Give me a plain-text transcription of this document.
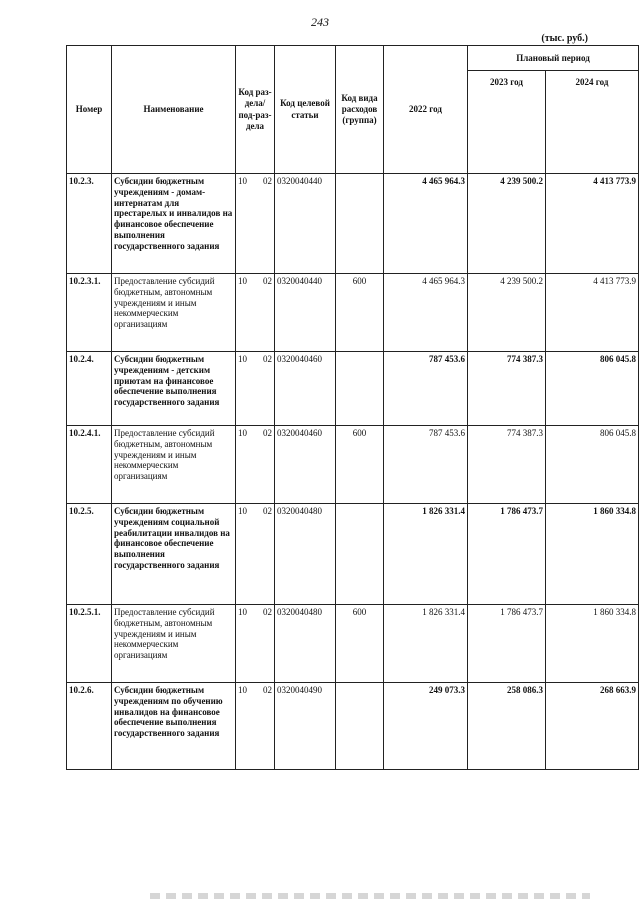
243
(тыс. руб.)
Номер	Наименование	Код раз-дела/ под-раз-дела	Код целевой статьи	Код вида расходов (группа)	2022 год	Плановый период	
						2023 год	2024 год
10.2.3.	Субсидии бюджетным учреждениям - домам-интернатам для престарелых и инвалидов на финансовое обеспечение выполнения государственного задания	10 02	0320040440		4 465 964.3	4 239 500.2	4 413 773.9
10.2.3.1.	Предоставление субсидий бюджетным, автономным учреждениям и иным некоммерческим организациям	10 02	0320040440	600	4 465 964.3	4 239 500.2	4 413 773.9
10.2.4.	Субсидии бюджетным учреждениям - детским приютам на финансовое обеспечение выполнения государственного задания	10 02	0320040460		787 453.6	774 387.3	806 045.8
10.2.4.1.	Предоставление субсидий бюджетным, автономным учреждениям и иным некоммерческим организациям	10 02	0320040460	600	787 453.6	774 387.3	806 045.8
10.2.5.	Субсидии бюджетным учреждениям социальной реабилитации инвалидов на финансовое обеспечение выполнения государственного задания	10 02	0320040480		1 826 331.4	1 786 473.7	1 860 334.8
10.2.5.1.	Предоставление субсидий бюджетным, автономным учреждениям и иным некоммерческим организациям	10 02	0320040480	600	1 826 331.4	1 786 473.7	1 860 334.8
10.2.6.	Субсидии бюджетным учреждениям по обучению инвалидов на финансовое обеспечение выполнения государственного задания	10 02	0320040490		249 073.3	258 086.3	268 663.9
